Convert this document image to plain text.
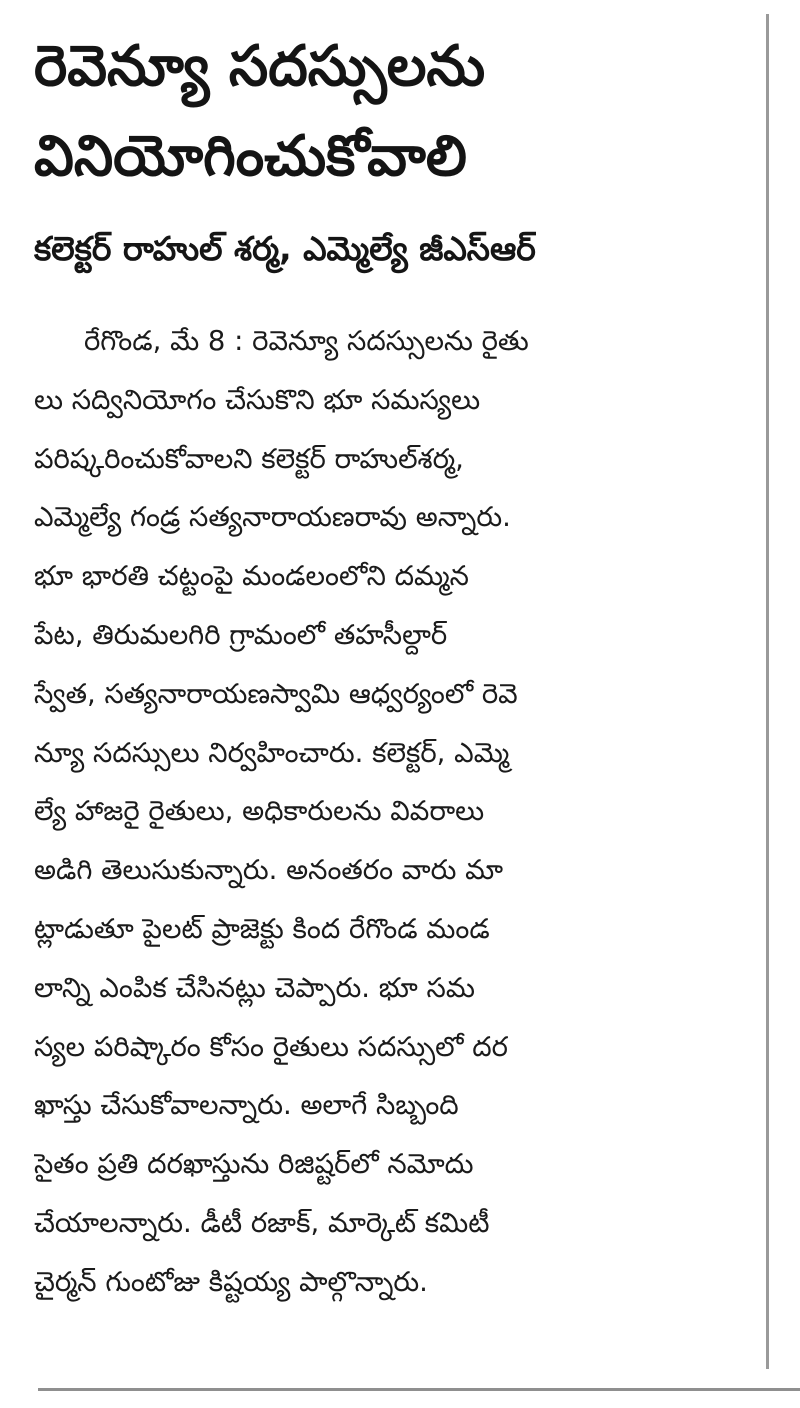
రెవెన్యూ సదస్సులను
వినియోగించుకోవాలి
కలెక్టర్ రాహుల్ శర్మ, ఎమ్మెల్యే జీఎస్ఆర్
రేగొండ, మే 8 : రెవెన్యూ సదస్సులను రైతు
లు సద్వినియోగం చేసుకొని భూ సమస్యలు
పరిష్కరించుకోవాలని కలెక్టర్ రాహుల్‌శర్మ,
ఎమ్మెల్యే గండ్ర సత్యనారాయణరావు అన్నారు.
భూ భారతి చట్టంపై మండలంలోని దమ్మన
పేట, తిరుమలగిరి గ్రామంలో తహసీల్దార్
స్వేత, సత్యనారాయణస్వామి ఆధ్వర్యంలో రెవె
న్యూ సదస్సులు నిర్వహించారు. కలెక్టర్, ఎమ్మె
ల్యే హాజరై రైతులు, అధికారులను వివరాలు
అడిగి తెలుసుకున్నారు. అనంతరం వారు మా
ట్లాడుతూ పైలట్ ప్రాజెక్టు కింద రేగొండ మండ
లాన్ని ఎంపిక చేసినట్లు చెప్పారు. భూ సమ
స్యల పరిష్కారం కోసం రైతులు సదస్సులో దర
ఖాస్తు చేసుకోవాలన్నారు. అలాగే సిబ్బంది
సైతం ప్రతి దరఖాస్తును రిజిష్టర్‌లో నమోదు
చేయాలన్నారు. డీటీ రజాక్, మార్కెట్ కమిటీ
చైర్మన్ గుంటోజు కిష్టయ్య పాల్గొన్నారు.
